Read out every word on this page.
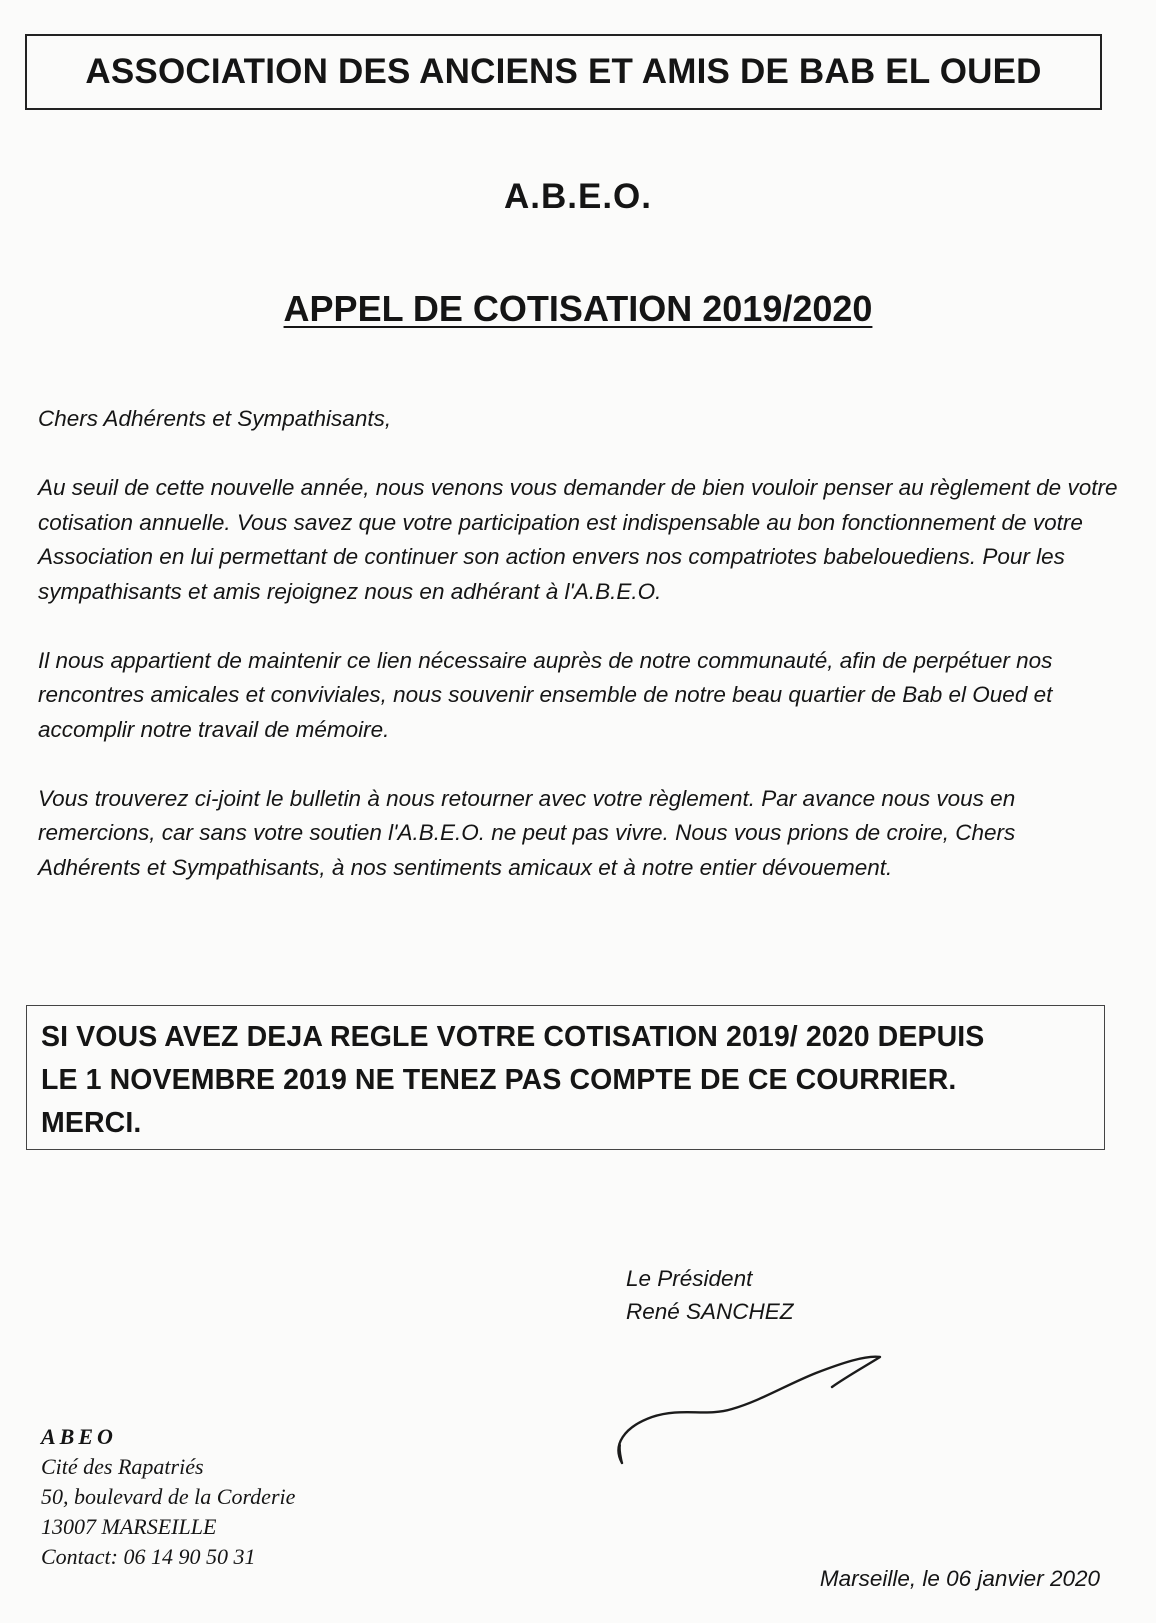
ASSOCIATION DES ANCIENS ET AMIS DE BAB EL OUED
A.B.E.O.
APPEL DE COTISATION 2019/2020

Chers Adhérents et Sympathisants,

Au seuil de cette nouvelle année, nous venons vous demander de bien vouloir penser au règlement de votre cotisation annuelle. Vous savez que votre participation est indispensable au bon fonctionnement de votre Association en lui permettant de continuer son action envers nos compatriotes babelouediens. Pour les sympathisants et amis rejoignez nous en adhérant à l'A.B.E.O.

Il nous appartient de maintenir ce lien nécessaire auprès de notre communauté, afin de perpétuer nos rencontres amicales et conviviales, nous souvenir ensemble de notre beau quartier de Bab el Oued et accomplir notre travail de mémoire.

Vous trouverez ci-joint le bulletin à nous retourner avec votre règlement. Par avance nous vous en remercions, car sans votre soutien l'A.B.E.O. ne peut pas vivre. Nous vous prions de croire, Chers Adhérents et Sympathisants, à nos sentiments amicaux et à notre entier dévouement.

SI VOUS AVEZ DEJA REGLE VOTRE COTISATION 2019/ 2020 DEPUIS
LE 1 NOVEMBRE 2019 NE TENEZ PAS COMPTE DE CE COURRIER.
MERCI.
Le Président
René SANCHEZ
ABEO
Cité des Rapatriés
50, boulevard de la Corderie
13007 MARSEILLE
Contact: 06 14 90 50 31
Marseille, le 06 janvier 2020
